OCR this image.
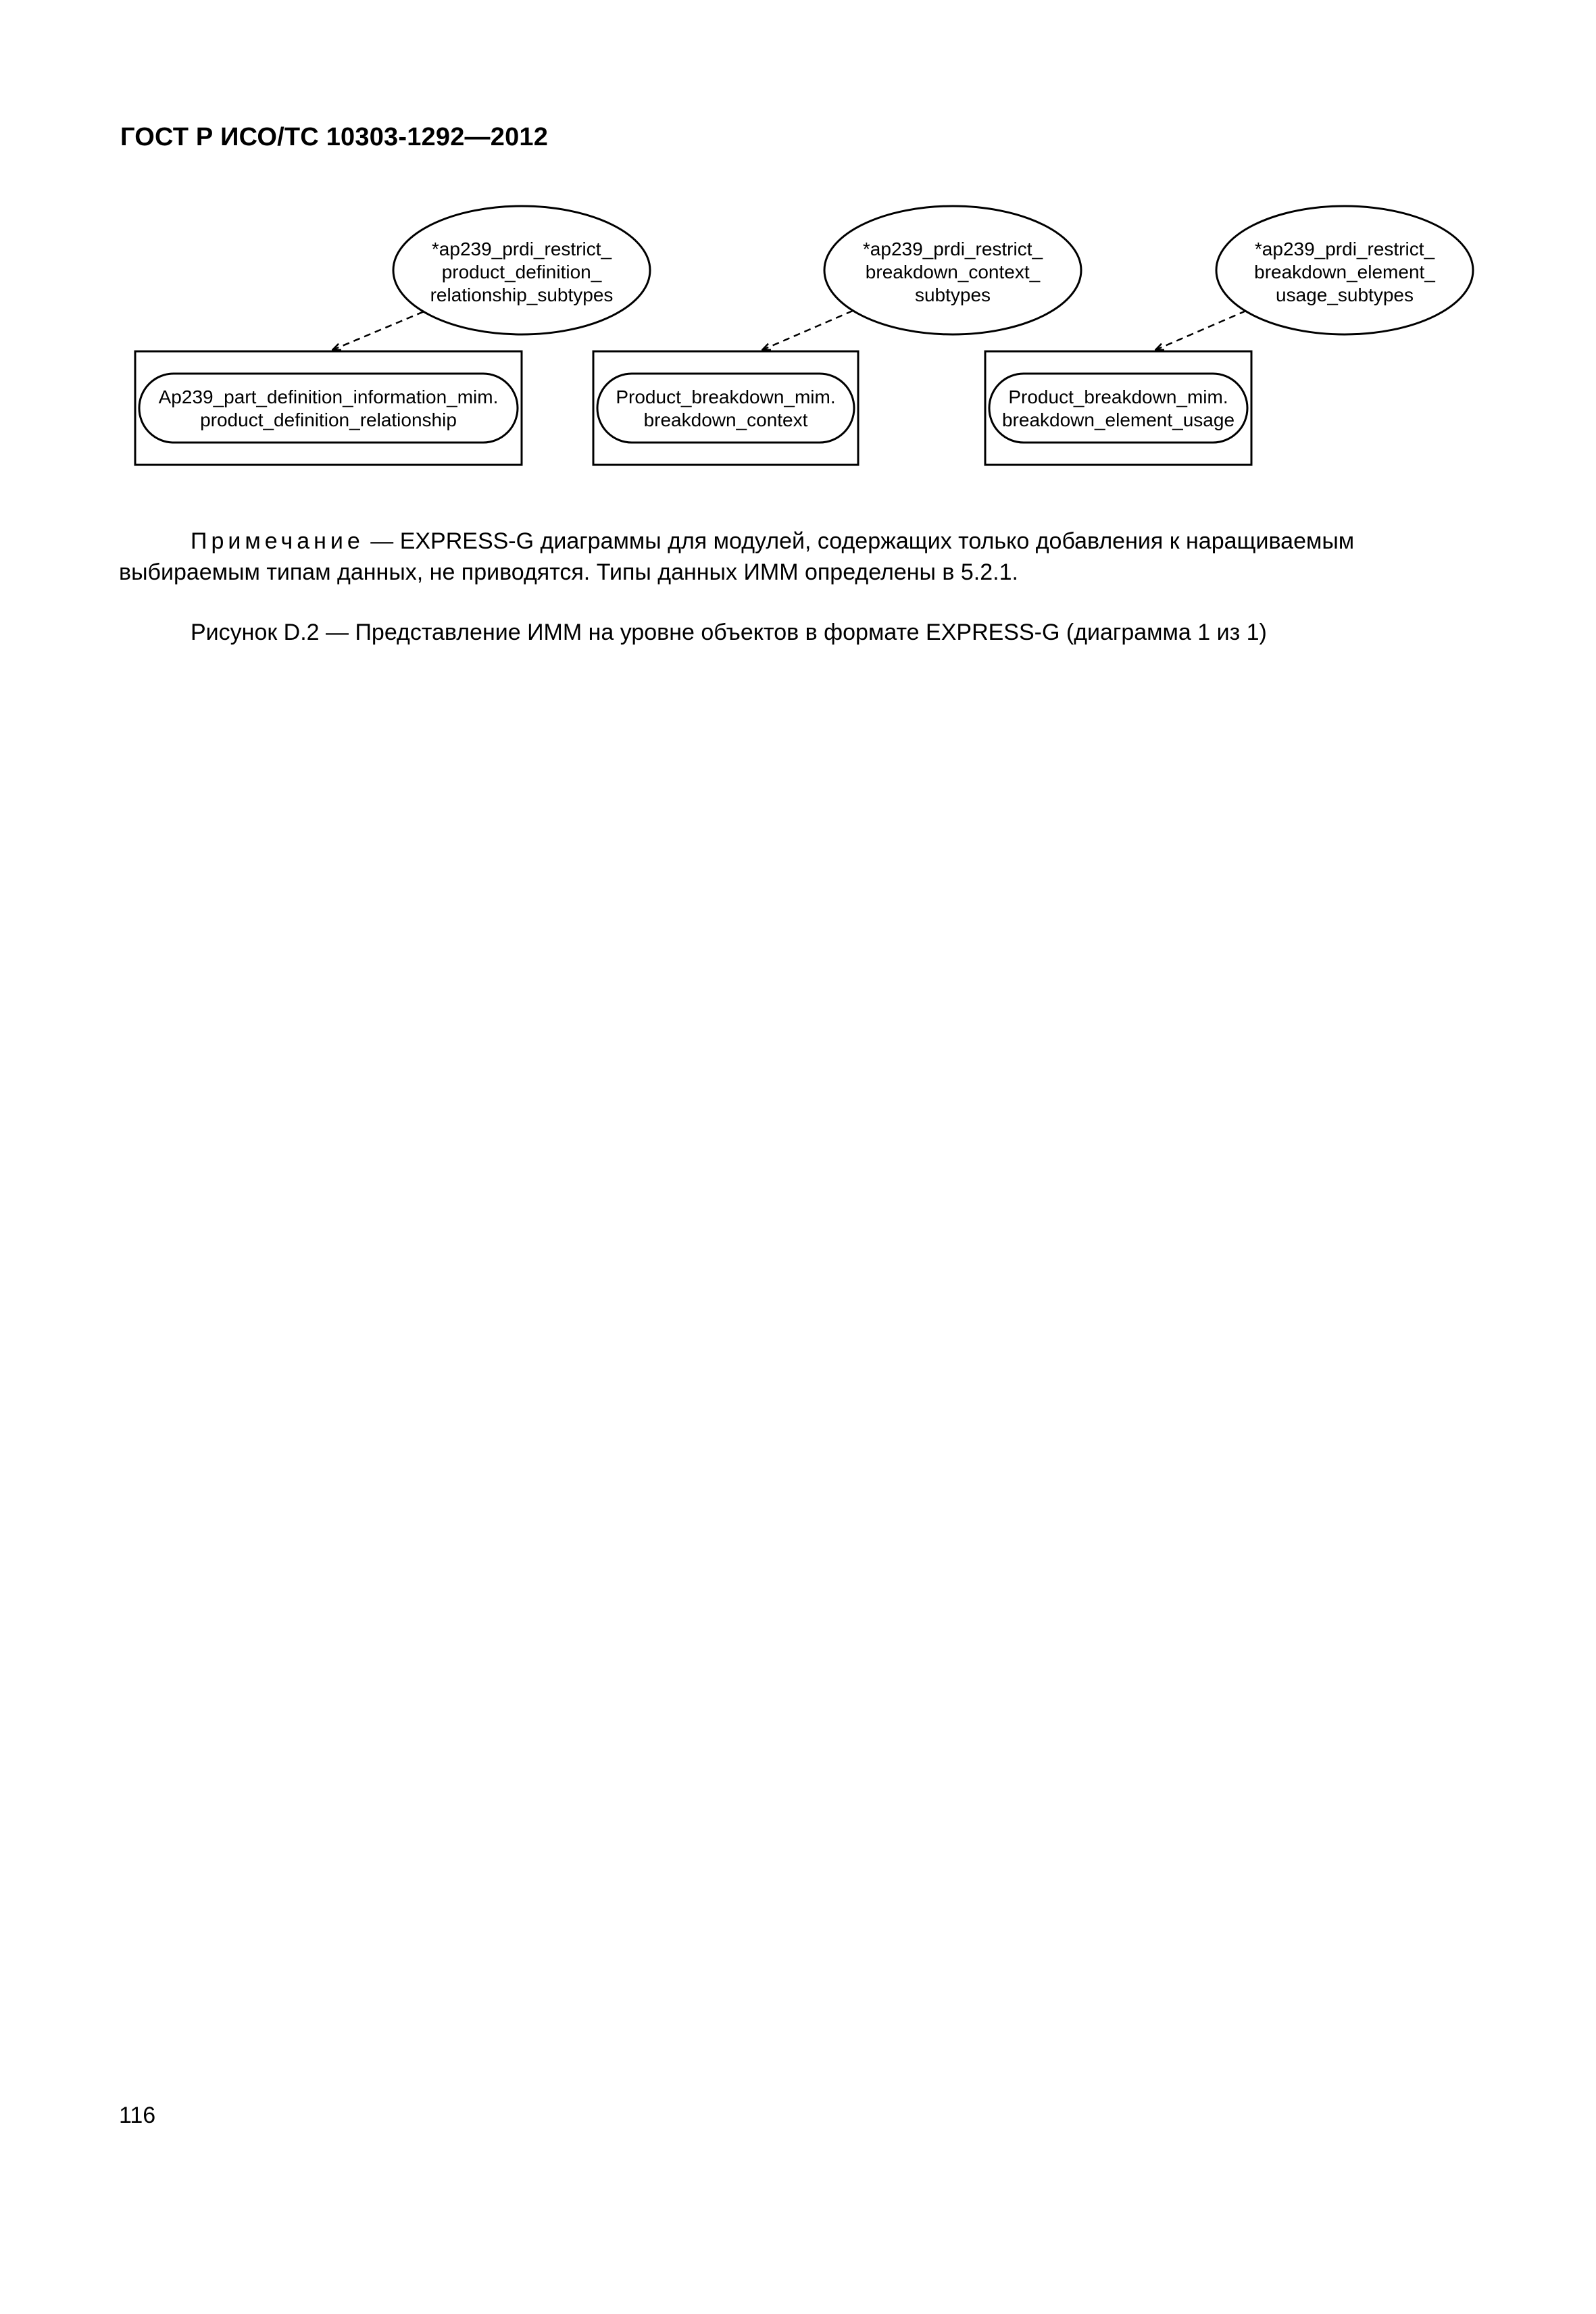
ГОСТ Р ИСО/ТС 10303-1292—2012
*ap239_prdi_restrict_
product_definition_
relationship_subtypes
*ap239_prdi_restrict_
breakdown_context_
subtypes
*ap239_prdi_restrict_
breakdown_element_
usage_subtypes
Ap239_part_definition_information_mim.
product_definition_relationship
Product_breakdown_mim.
breakdown_context
Product_breakdown_mim.
breakdown_element_usage
Примечание — EXPRESS-G диаграммы для модулей, содержащих только добавления к наращиваемым
выбираемым типам данных, не приводятся. Типы данных ИММ определены в 5.2.1.
Рисунок D.2 — Представление ИММ на уровне объектов в формате EXPRESS-G (диаграмма 1 из 1)
116
